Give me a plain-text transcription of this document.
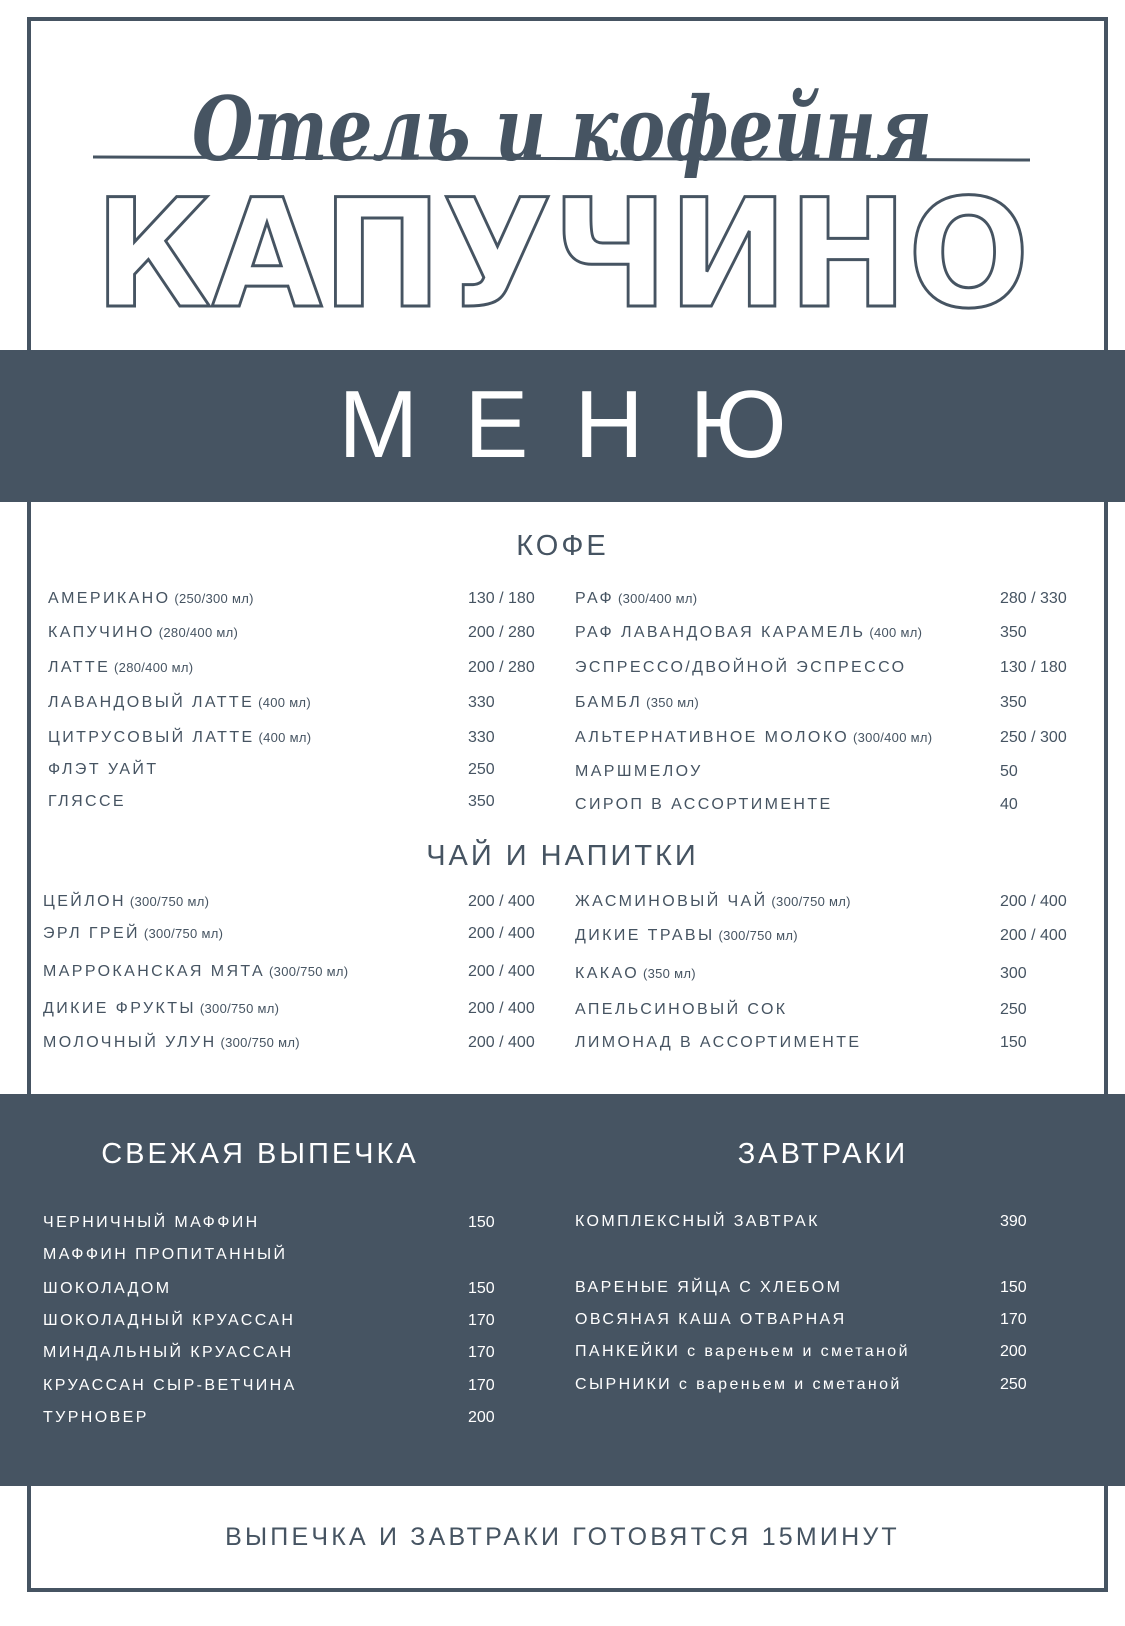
Отель и кофейня
КАПУЧИНО
МЕНЮ
КОФЕ
АМЕРИКАНО (250/300 мл)	130 / 180
КАПУЧИНО (280/400 мл)	200 / 280
ЛАТТЕ (280/400 мл)	200 / 280
ЛАВАНДОВЫЙ ЛАТТЕ (400 мл)	330
ЦИТРУСОВЫЙ ЛАТТЕ (400 мл)	330
ФЛЭТ УАЙТ	250
ГЛЯССЕ	350
РАФ (300/400 мл)	280 / 330
РАФ ЛАВАНДОВАЯ КАРАМЕЛЬ (400 мл)	350
ЭСПРЕССО/ДВОЙНОЙ ЭСПРЕССО	130 / 180
БАМБЛ (350 мл)	350
АЛЬТЕРНАТИВНОЕ МОЛОКО (300/400 мл)	250 / 300
МАРШМЕЛОУ	50
СИРОП В АССОРТИМЕНТЕ	40
ЧАЙ И НАПИТКИ
ЦЕЙЛОН (300/750 мл)	200 / 400
ЭРЛ ГРЕЙ (300/750 мл)	200 / 400
МАРРОКАНСКАЯ МЯТА (300/750 мл)	200 / 400
ДИКИЕ ФРУКТЫ (300/750 мл)	200 / 400
МОЛОЧНЫЙ УЛУН (300/750 мл)	200 / 400
ЖАСМИНОВЫЙ ЧАЙ (300/750 мл)	200 / 400
ДИКИЕ ТРАВЫ (300/750 мл)	200 / 400
КАКАО (350 мл)	300
АПЕЛЬСИНОВЫЙ СОК	250
ЛИМОНАД В АССОРТИМЕНТЕ	150
СВЕЖАЯ ВЫПЕЧКА	ЗАВТРАКИ
ЧЕРНИЧНЫЙ МАФФИН	150
МАФФИН ПРОПИТАННЫЙ
ШОКОЛАДОМ	150
ШОКОЛАДНЫЙ КРУАССАН	170
МИНДАЛЬНЫЙ КРУАССАН	170
КРУАССАН СЫР-ВЕТЧИНА	170
ТУРНОВЕР	200
КОМПЛЕКСНЫЙ ЗАВТРАК	390
ВАРЕНЫЕ ЯЙЦА С ХЛЕБОМ	150
ОВСЯНАЯ КАША ОТВАРНАЯ	170
ПАНКЕЙКИ с вареньем и сметаной	200
СЫРНИКИ с вареньем и сметаной	250
ВЫПЕЧКА И ЗАВТРАКИ ГОТОВЯТСЯ 15МИНУТ
